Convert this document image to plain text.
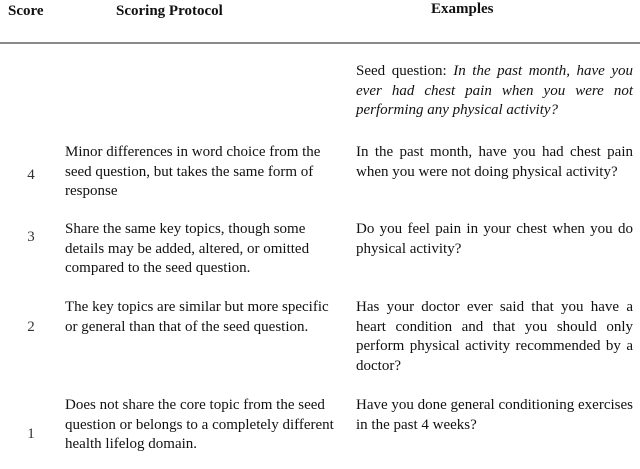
Score	Scoring Protocol	Examples
Seed question: In the past month, have you ever had chest pain when you were not performing any physical activity?
4
Minor differences in word choice from the seed question, but takes the same form of response
In the past month, have you had chest pain when you were not doing physical activity?
3 Share the same key topics, though some details may be added, altered, or omitted compared to the seed question.
Do you feel pain in your chest when you do physical activity?
2
The key topics are similar but more specific or general than that of the seed question.
Has your doctor ever said that you have a heart condition and that you should only perform physical activity recommended by a doctor?
1
Does not share the core topic from the seed question or belongs to a completely different health lifelog domain.
Have you done general conditioning exercises in the past 4 weeks?
